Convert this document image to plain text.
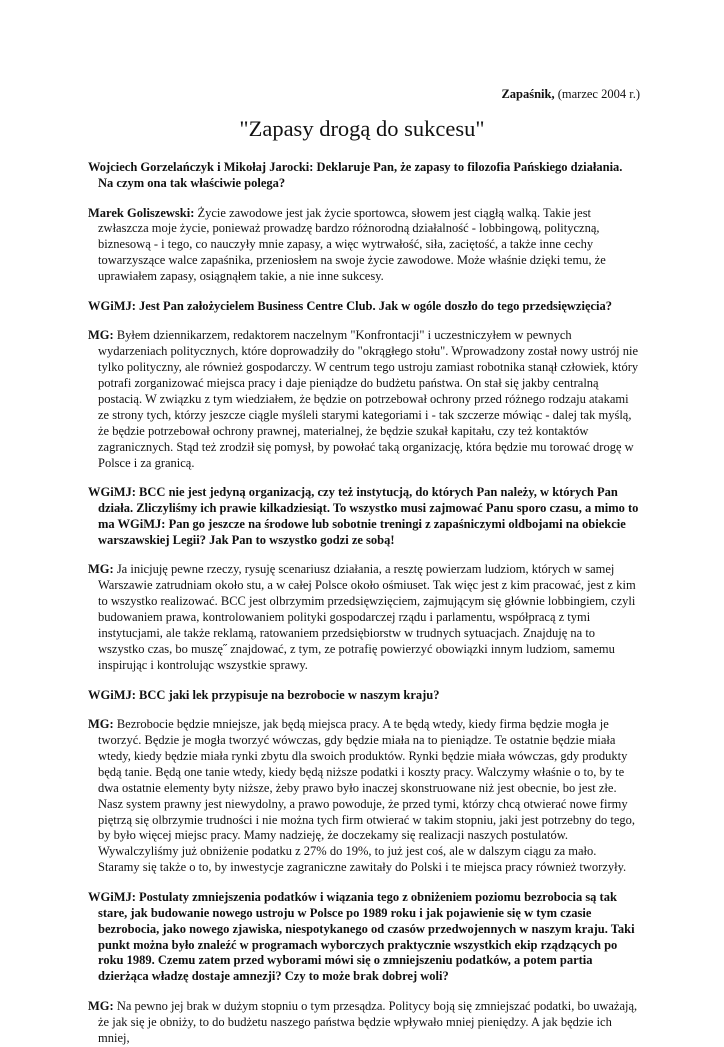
Zapaśnik, (marzec 2004 r.)
"Zapasy drogą do sukcesu"

Wojciech Gorzelańczyk i Mikołaj Jarocki: Deklaruje Pan, że zapasy to filozofia Pańskiego działania. Na czym ona tak właściwie polega?

Marek Goliszewski: Życie zawodowe jest jak życie sportowca, słowem jest ciągłą walką. Takie jest zwłaszcza moje życie, ponieważ prowadzę bardzo różnorodną działalność - lobbingową, polityczną, biznesową - i tego, co nauczyły mnie zapasy, a więc wytrwałość, siła, zaciętość, a także inne cechy towarzyszące walce zapaśnika, przeniosłem na swoje życie zawodowe. Może właśnie dzięki temu, że uprawiałem zapasy, osiągnąłem takie, a nie inne sukcesy.

WGiMJ: Jest Pan założycielem Business Centre Club. Jak w ogóle doszło do tego przedsięwzięcia?

MG: Byłem dziennikarzem, redaktorem naczelnym "Konfrontacji" i uczestniczyłem w pewnych wydarzeniach politycznych, które doprowadziły do "okrągłego stołu". Wprowadzony został nowy ustrój nie tylko polityczny, ale również gospodarczy. W centrum tego ustroju zamiast robotnika stanął człowiek, który potrafi zorganizować miejsca pracy i daje pieniądze do budżetu państwa. On stał się jakby centralną postacią. W związku z tym wiedziałem, że będzie on potrzebował ochrony przed różnego rodzaju atakami ze strony tych, którzy jeszcze ciągle myśleli starymi kategoriami i - tak szczerze mówiąc - dalej tak myślą, że będzie potrzebował ochrony prawnej, materialnej, że będzie szukał kapitału, czy też kontaktów zagranicznych. Stąd też zrodził się pomysł, by powołać taką organizację, która będzie mu torować drogę w Polsce i za granicą.

WGiMJ: BCC nie jest jedyną organizacją, czy też instytucją, do których Pan należy, w których Pan działa. Zliczyliśmy ich prawie kilkadziesiąt. To wszystko musi zajmować Panu sporo czasu, a mimo to ma WGiMJ: Pan go jeszcze na środowe lub sobotnie treningi z zapaśniczymi oldbojami na obiekcie warszawskiej Legii? Jak Pan to wszystko godzi ze sobą!

MG: Ja inicjuję pewne rzeczy, rysuję scenariusz działania, a resztę powierzam ludziom, których w samej Warszawie zatrudniam około stu, a w całej Polsce około ośmiuset. Tak więc jest z kim pracować, jest z kim to wszystko realizować. BCC jest olbrzymim przedsięwzięciem, zajmującym się głównie lobbingiem, czyli budowaniem prawa, kontrolowaniem polityki gospodarczej rządu i parlamentu, współpracą z tymi instytucjami, ale także reklamą, ratowaniem przedsiębiorstw w trudnych sytuacjach. Znajduję na to wszystko czas, bo muszę˝ znajdować, z tym, ze potrafię powierzyć obowiązki innym ludziom, samemu inspirując i kontrolując wszystkie sprawy.

WGiMJ: BCC jaki lek przypisuje na bezrobocie w naszym kraju?

MG: Bezrobocie będzie mniejsze, jak będą miejsca pracy. A te będą wtedy, kiedy firma będzie mogła je tworzyć. Będzie je mogła tworzyć wówczas, gdy będzie miała na to pieniądze. Te ostatnie będzie miała wtedy, kiedy będzie miała rynki zbytu dla swoich produktów. Rynki będzie miała wówczas, gdy produkty będą tanie. Będą one tanie wtedy, kiedy będą niższe podatki i koszty pracy. Walczymy właśnie o to, by te dwa ostatnie elementy byty niższe, żeby prawo było inaczej skonstruowane niż jest obecnie, bo jest złe. Nasz system prawny jest niewydolny, a prawo powoduje, że przed tymi, którzy chcą otwierać nowe firmy piętrzą się olbrzymie trudności i nie można tych firm otwierać w takim stopniu, jaki jest potrzebny do tego, by było więcej miejsc pracy. Mamy nadzieję, że doczekamy się realizacji naszych postulatów. Wywalczyliśmy już obniżenie podatku z 27% do 19%, to już jest coś, ale w dalszym ciągu za mało. Staramy się także o to, by inwestycje zagraniczne zawitały do Polski i te miejsca pracy również tworzyły.

WGiMJ: Postulaty zmniejszenia podatków i wiązania tego z obniżeniem poziomu bezrobocia są tak stare, jak budowanie nowego ustroju w Polsce po 1989 roku i jak pojawienie się w tym czasie bezrobocia, jako nowego zjawiska, niespotykanego od czasów przedwojennych w naszym kraju. Taki punkt można było znaleźć w programach wyborczych praktycznie wszystkich ekip rządzących po roku 1989. Czemu zatem przed wyborami mówi się o zmniejszeniu podatków, a potem partia dzierżąca władzę dostaje amnezji? Czy to może brak dobrej woli?

MG: Na pewno jej brak w dużym stopniu o tym przesądza. Politycy boją się zmniejszać podatki, bo uważają, że jak się je obniży, to do budżetu naszego państwa będzie wpływało mniej pieniędzy. A jak będzie ich mniej,
